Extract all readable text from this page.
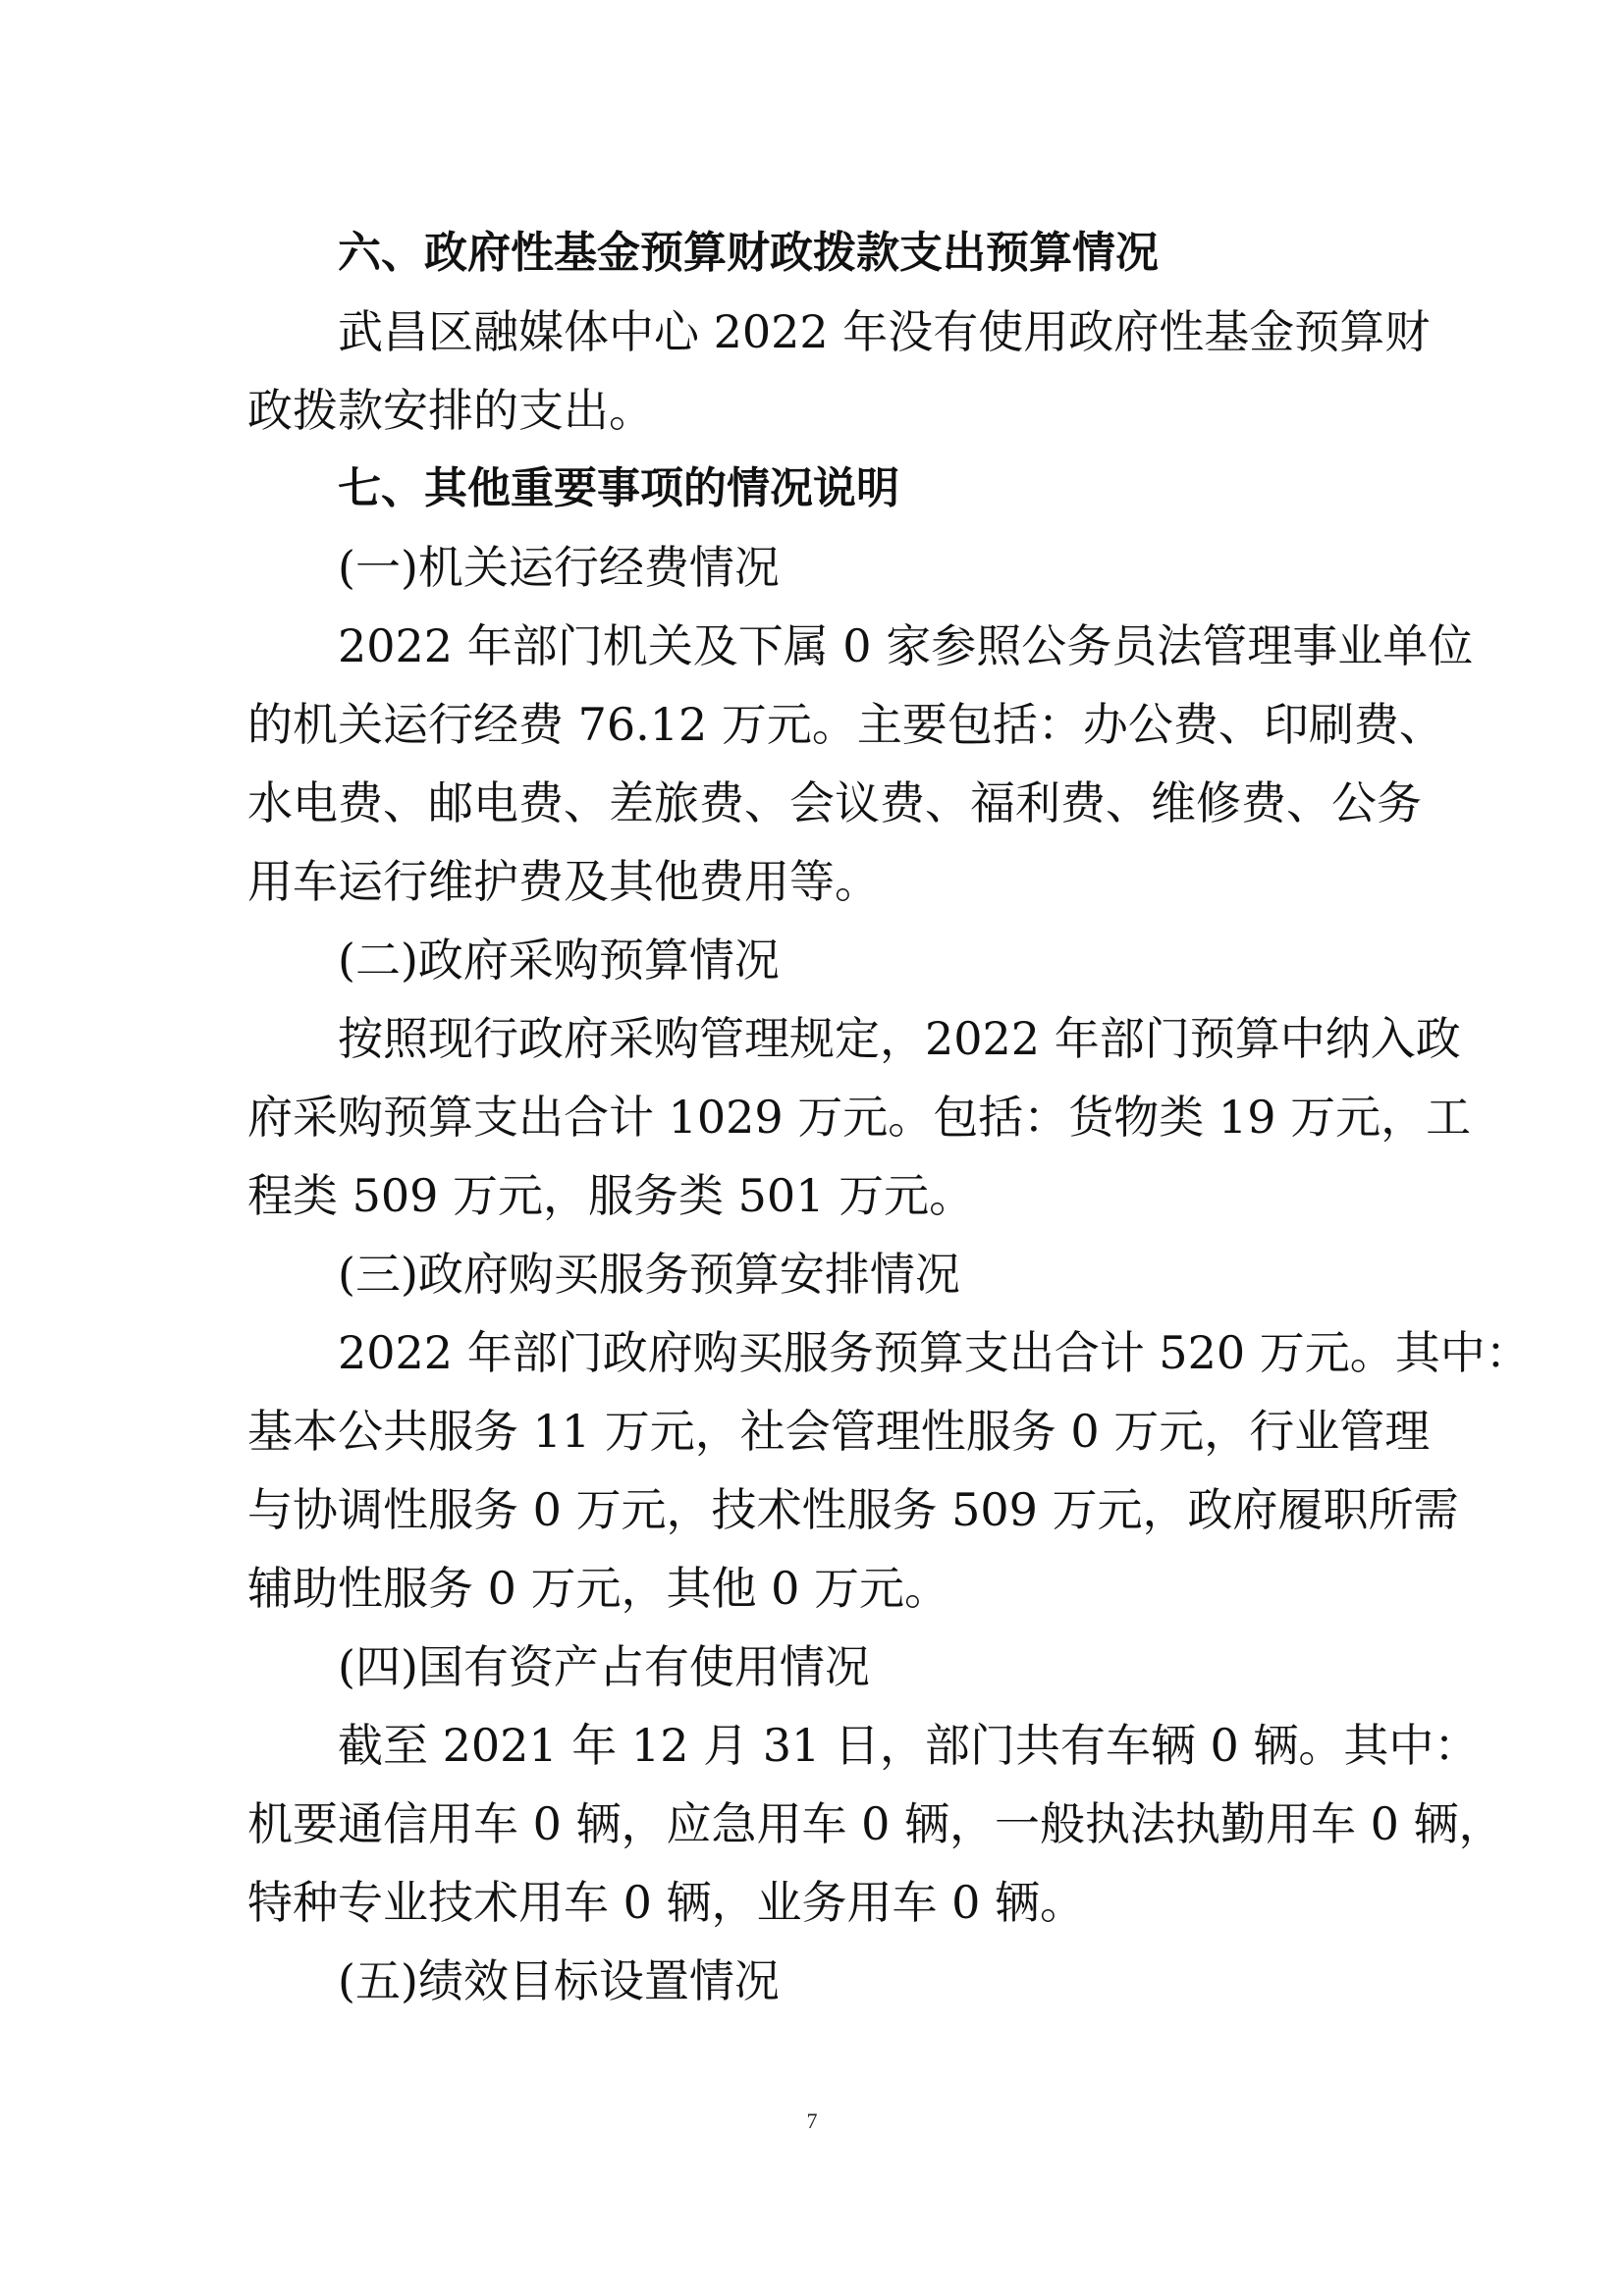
六、政府性基金预算财政拨款支出预算情况
武昌区融媒体中心 2022 年没有使用政府性基金预算财
政拨款安排的支出。
七、其他重要事项的情况说明
(一)机关运行经费情况
2022 年部门机关及下属 0 家参照公务员法管理事业单位
的机关运行经费 76.12 万元。主要包括：办公费、印刷费、
水电费、邮电费、差旅费、会议费、福利费、维修费、公务
用车运行维护费及其他费用等。
(二)政府采购预算情况
按照现行政府采购管理规定，2022 年部门预算中纳入政
府采购预算支出合计 1029 万元。包括：货物类 19 万元，工
程类 509 万元，服务类 501 万元。
(三)政府购买服务预算安排情况
2022 年部门政府购买服务预算支出合计 520 万元。其中：
基本公共服务 11 万元，社会管理性服务 0 万元，行业管理
与协调性服务 0 万元，技术性服务 509 万元，政府履职所需
辅助性服务 0 万元，其他 0 万元。
(四)国有资产占有使用情况
截至 2021 年 12 月 31 日，部门共有车辆 0 辆。其中：
机要通信用车 0 辆，应急用车 0 辆，一般执法执勤用车 0 辆，
特种专业技术用车 0 辆，业务用车 0 辆。
(五)绩效目标设置情况
7
